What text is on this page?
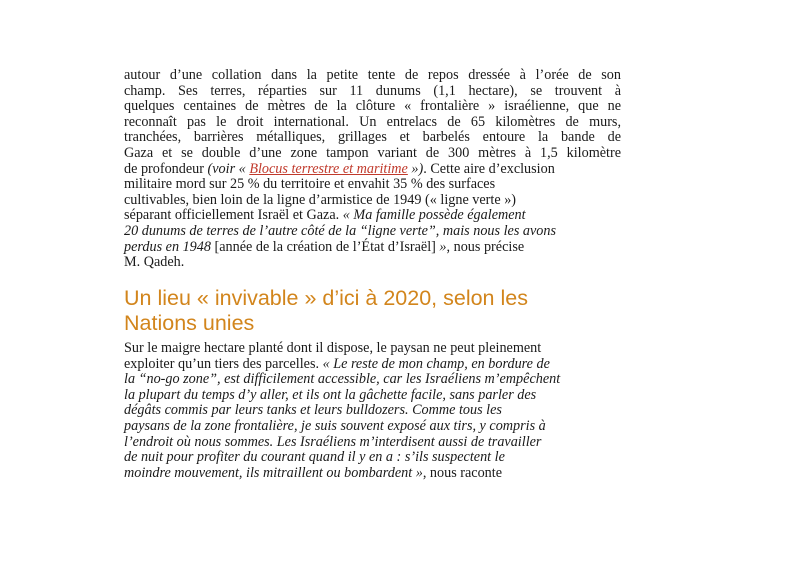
autour d’une collation dans la petite tente de repos dressée à l’orée de son
champ. Ses terres, réparties sur 11 dunums (1,1 hectare), se trouvent à
quelques centaines de mètres de la clôture « frontalière » israélienne, que ne
reconnaît pas le droit international. Un entrelacs de 65 kilomètres de murs,
tranchées, barrières métalliques, grillages et barbelés entoure la bande de
Gaza et se double d’une zone tampon variant de 300 mètres à 1,5 kilomètre
de profondeur (voir « Blocus terrestre et maritime »). Cette aire d’exclusion
militaire mord sur 25 % du territoire et envahit 35 % des surfaces
cultivables, bien loin de la ligne d’armistice de 1949 (« ligne verte »)
séparant officiellement Israël et Gaza. « Ma famille possède également
20 dunums de terres de l’autre côté de la “ligne verte”, mais nous les avons
perdus en 1948 [année de la création de l’État d’Israël] », nous précise
M. Qadeh.
Un lieu « invivable » d’ici à 2020, selon les
Nations unies
Sur le maigre hectare planté dont il dispose, le paysan ne peut pleinement
exploiter qu’un tiers des parcelles. « Le reste de mon champ, en bordure de
la “no-go zone”, est difficilement accessible, car les Israéliens m’empêchent
la plupart du temps d’y aller, et ils ont la gâchette facile, sans parler des
dégâts commis par leurs tanks et leurs bulldozers. Comme tous les
paysans de la zone frontalière, je suis souvent exposé aux tirs, y compris à
l’endroit où nous sommes. Les Israéliens m’interdisent aussi de travailler
de nuit pour profiter du courant quand il y en a : s’ils suspectent le
moindre mouvement, ils mitraillent ou bombardent », nous raconte
